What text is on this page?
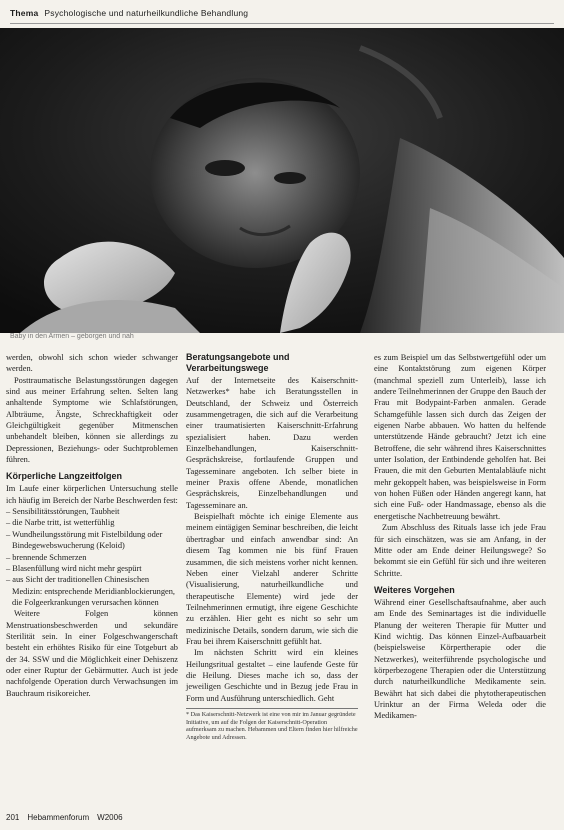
Thema Psychologische und naturheilkundliche Behandlung
Baby in den Armen – geborgen und nah

werden, obwohl sich schon wieder schwanger werden.

Posttraumatische Belastungsstörungen dagegen sind aus meiner Erfahrung selten. Selten lang anhaltende Symptome wie Schlafstörungen, Albträume, Ängste, Schreckhaftigkeit oder Gleichgültigkeit gegenüber Mitmenschen unbehandelt bleiben, können sie allerdings zu Depressionen, Beziehungs- oder Suchtproblemen führen.

Körperliche Langzeitfolgen

Im Laufe einer körperlichen Untersuchung stelle ich häufig im Bereich der Narbe Beschwerden fest:

– Sensibilitätsstörungen, Taubheit
– die Narbe tritt, ist wetterfühlig
– Wundheilungsstörung mit Fistelbildung oder Bindegewebswucherung (Keloid)
– brennende Schmerzen
– Blasenfüllung wird nicht mehr gespürt
– aus Sicht der traditionellen Chinesischen Medizin: entsprechende Meridianblockierungen, die Folgeerkrankungen verursachen können

Weitere Folgen können Menstruationsbeschwerden und sekundäre Sterilität sein. In einer Folgeschwangerschaft besteht ein erhöhtes Risiko für eine Totgeburt ab der 34. SSW und die Möglichkeit einer Dehiszenz oder einer Ruptur der Gebärmutter. Auch ist jede nachfolgende Operation durch Verwachsungen im Bauchraum risikoreicher.

Beratungsangebote und Verarbeitungswege

Auf der Internetseite des Kaiserschnitt-Netzwerkes* habe ich Beratungsstellen in Deutschland, der Schweiz und Österreich zusammengetragen, die sich auf die Verarbeitung einer traumatisierten Kaiserschnitt-Erfahrung spezialisiert haben. Dazu werden Einzelbehandlungen, Kaiserschnitt-Gesprächskreise, fortlaufende Gruppen und Tagesseminare angeboten. Ich selber biete in meiner Praxis offene Abende, monatlichen Gesprächskreis, Einzelbehandlungen und Tagesseminare an.

Beispielhaft möchte ich einige Elemente aus meinem eintägigen Seminar beschreiben, die leicht übertragbar und einfach anwendbar sind: An diesem Tag kommen nie bis fünf Frauen zusammen, die sich meistens vorher nicht kennen. Neben einer Vielzahl anderer Schritte (Visualisierung, naturheilkundliche und therapeutische Elemente) wird jede der Teilnehmerinnen ermutigt, ihre eigene Geschichte zu erzählen. Hier geht es nicht so sehr um medizinische Details, sondern darum, wie sich die Frau bei ihrem Kaiserschnitt gefühlt hat.

Im nächsten Schritt wird ein kleines Heilungsritual gestaltet – eine laufende Geste für die Heilung. Dieses mache ich so, dass der jeweiligen Geschichte und in Bezug jede Frau in Form und Ausführung unterschiedlich. Geht

* Das Kaiserschnitt-Netzwerk ist eine von mir im Januar gegründete Initiative, um auf die Folgen der Kaiserschnitt-Operation aufmerksam zu machen. Hebammen und Eltern finden hier hilfreiche Angebote und Adressen.

es zum Beispiel um das Selbstwertgefühl oder um eine Kontaktstörung zum eigenen Körper (manchmal speziell zum Unterleib), lasse ich andere Teilnehmerinnen der Gruppe den Bauch der Frau mit Bodypaint-Farben anmalen. Gerade Schamgefühle lassen sich durch das Zeigen der eigenen Narbe abbauen. Wo hatten du helfende unterstützende Hände gebraucht? Jetzt ich eine Betroffene, die sehr während ihres Kaiserschnittes unter Isolation, der Entbindende geholfen hat. Bei Frauen, die mit den Geburten Mentalabläufe nicht mehr gekoppelt haben, was beispielsweise in Form von hohen Füßen oder Händen angeregt kann, hat sich eine Fuß- oder Handmassage, ebenso als die energetische Nachbetreuung bewährt.

Zum Abschluss des Rituals lasse ich jede Frau für sich einschätzen, was sie am Anfang, in der Mitte oder am Ende deiner Heilungswege? So bekommt sie ein Gefühl für sich und ihre weiteren Schritte.

Weiteres Vorgehen

Während einer Gesellschaftsaufnahme, aber auch am Ende des Seminartages ist die individuelle Planung der weiteren Therapie für Mutter und Kind wichtig. Das können Einzel-Aufbauarbeit (beispielsweise Körpertherapie oder die Netzwerkes), weiterführende psychologische und körperbezogene Therapien oder die Unterstützung durch naturheilkundliche Medikamente sein. Bewährt hat sich dabei die phytotherapeutischen Urinktur an der Firma Weleda oder die Medikamen-

201 Hebammenforum W2006
